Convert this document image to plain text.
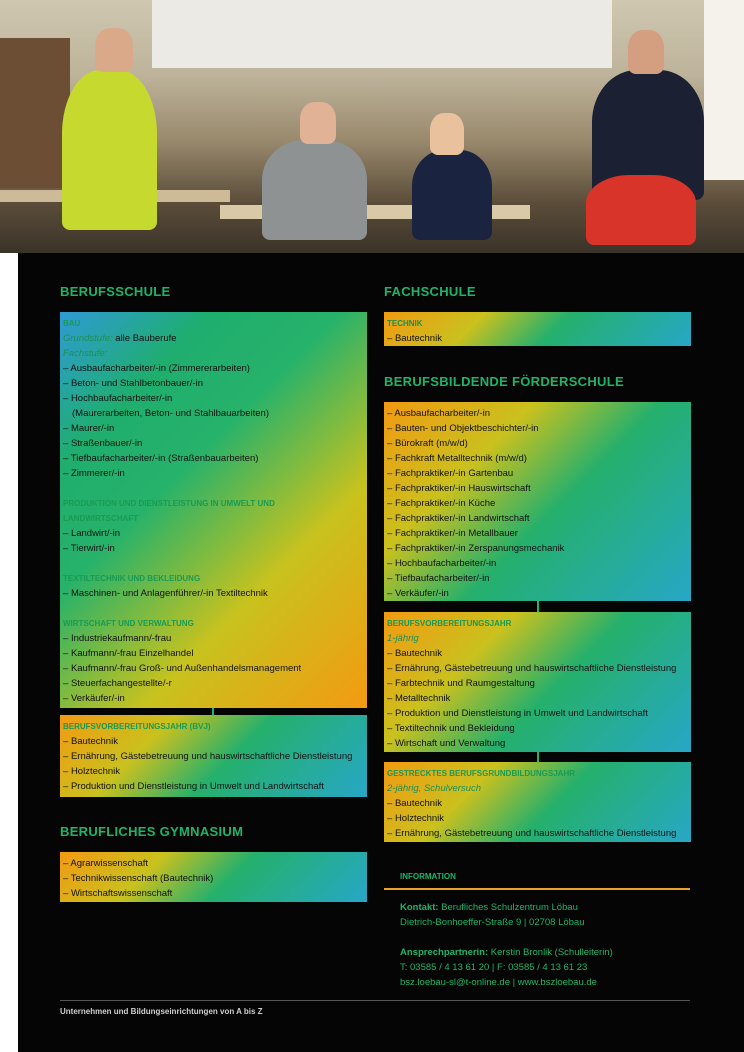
BERUFSSCHULE

BAU

Grundstufe: alle Bauberufe

Fachstufe:

– Ausbaufacharbeiter/-in (Zimmererarbeiten)

– Beton- und Stahlbetonbauer/-in

– Hochbaufacharbeiter/-in

(Maurerarbeiten, Beton- und Stahlbauarbeiten)

– Maurer/-in

– Straßenbauer/-in

– Tiefbaufacharbeiter/-in (Straßenbauarbeiten)

– Zimmerer/-in

PRODUKTION UND DIENSTLEISTUNG IN UMWELT UND

LANDWIRTSCHAFT

– Landwirt/-in

– Tierwirt/-in

TEXTILTECHNIK UND BEKLEIDUNG

– Maschinen- und Anlagenführer/-in Textiltechnik

WIRTSCHAFT UND VERWALTUNG

– Industriekaufmann/-frau

– Kaufmann/-frau Einzelhandel

– Kaufmann/-frau Groß- und Außenhandelsmanagement

– Steuerfachangestellte/-r

– Verkäufer/-in

BERUFSVORBEREITUNGSJAHR (BVJ)

– Bautechnik

– Ernährung, Gästebetreuung und hauswirtschaftliche Dienstleistung

– Holztechnik

– Produktion und Dienstleistung in Umwelt und Landwirtschaft

BERUFLICHES GYMNASIUM

– Agrarwissenschaft

– Technikwissenschaft (Bautechnik)

– Wirtschaftswissenschaft

FACHSCHULE

TECHNIK

– Bautechnik

BERUFSBILDENDE FÖRDERSCHULE

– Ausbaufacharbeiter/-in

– Bauten- und Objektbeschichter/-in

– Bürokraft (m/w/d)

– Fachkraft Metalltechnik (m/w/d)

– Fachpraktiker/-in Gartenbau

– Fachpraktiker/-in Hauswirtschaft

– Fachpraktiker/-in Küche

– Fachpraktiker/-in Landwirtschaft

– Fachpraktiker/-in Metallbauer

– Fachpraktiker/-in Zerspanungsmechanik

– Hochbaufacharbeiter/-in

– Tiefbaufacharbeiter/-in

– Verkäufer/-in

BERUFSVORBEREITUNGSJAHR

1-jährig

– Bautechnik

– Ernährung, Gästebetreuung und hauswirtschaftliche Dienstleistung

– Farbtechnik und Raumgestaltung

– Metalltechnik

– Produktion und Dienstleistung in Umwelt und Landwirtschaft

– Textiltechnik und Bekleidung

– Wirtschaft und Verwaltung

GESTRECKTES BERUFSGRUNDBILDUNGSJAHR

2-jährig, Schulversuch

– Bautechnik

– Holztechnik

– Ernährung, Gästebetreuung und hauswirtschaftliche Dienstleistung

INFORMATION
Kontakt: Berufliches Schulzentrum Löbau
Dietrich-Bonhoeffer-Straße 9 | 02708 Löbau
Ansprechpartnerin: Kerstin Bronlik (Schulleiterin)
T: 03585 / 4 13 61 20 | F: 03585 / 4 13 61 23
bsz.loebau-sl@t-online.de | www.bszloebau.de
Unternehmen und Bildungseinrichtungen von A bis Z
